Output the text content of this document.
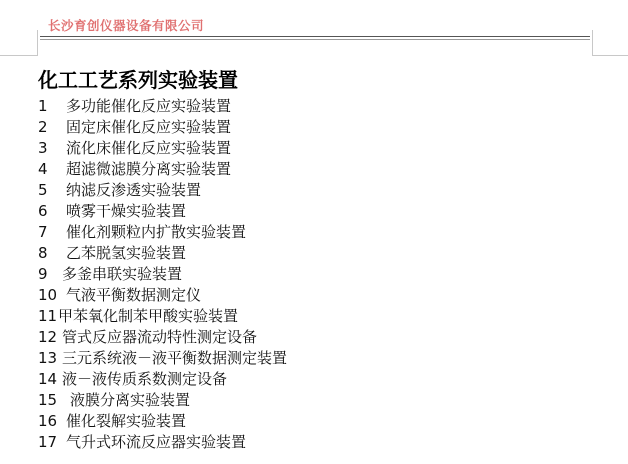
长沙育创仪器设备有限公司
化工工艺系列实验装置
1 多功能催化反应实验装置
2 固定床催化反应实验装置
3 流化床催化反应实验装置
4 超滤微滤膜分离实验装置
5 纳滤反渗透实验装置
6 喷雾干燥实验装置
7 催化剂颗粒内扩散实验装置
8 乙苯脱氢实验装置
9 多釜串联实验装置
10 气液平衡数据测定仪
11 甲苯氧化制苯甲酸实验装置
12 管式反应器流动特性测定设备
13 三元系统液－液平衡数据测定装置
14 液－液传质系数测定设备
15 液膜分离实验装置
16 催化裂解实验装置
17 气升式环流反应器实验装置
